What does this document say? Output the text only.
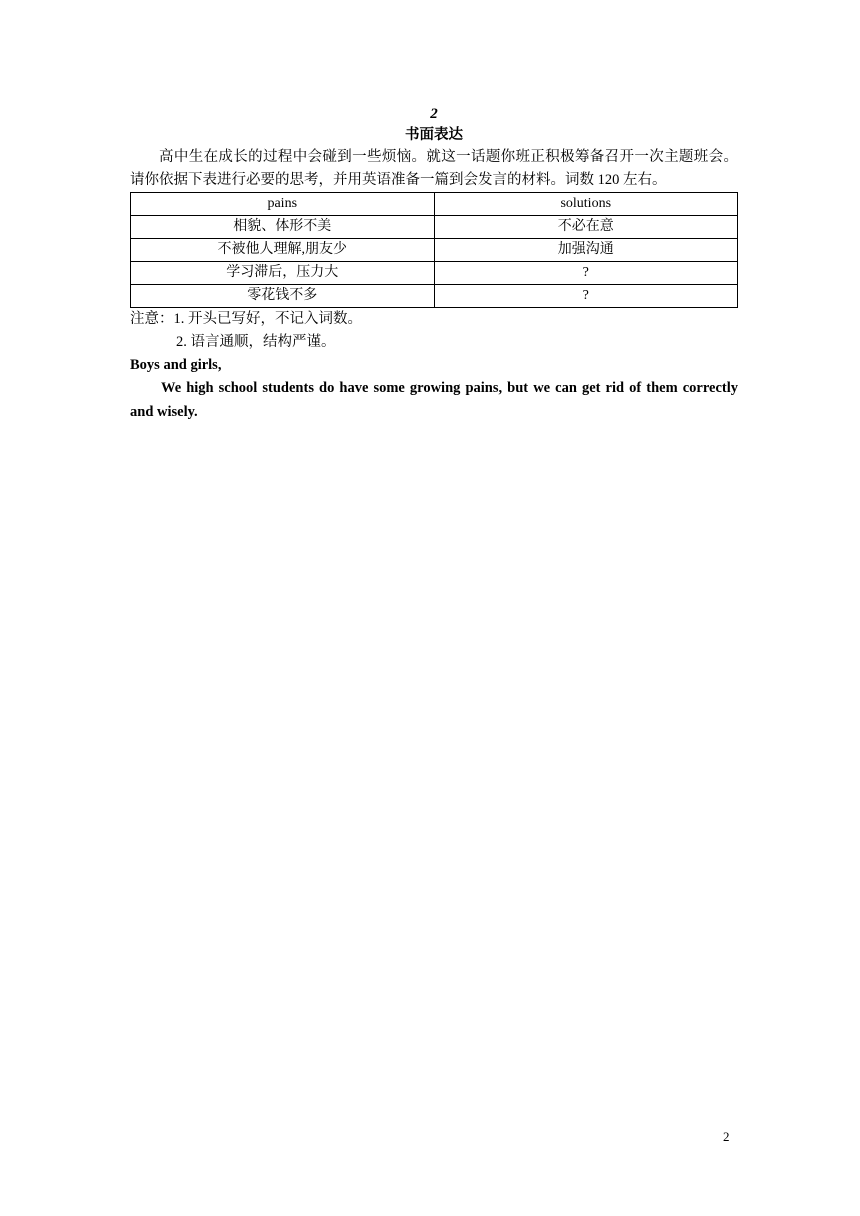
2
书面表达

高中生在成长的过程中会碰到一些烦恼。就这一话题你班正积极筹备召开一次主题班会。请你依据下表进行必要的思考，并用英语准备一篇到会发言的材料。词数 120 左右。

pains	solutions
相貌、体形不美	不必在意
不被他人理解,朋友少	加强沟通
学习滞后，压力大	?
零花钱不多	?

注意：1. 开头已写好，不记入词数。

2. 语言通顺，结构严谨。

Boys and girls,

We high school students do have some growing pains, but we can get rid of them correctly and wisely.

2
